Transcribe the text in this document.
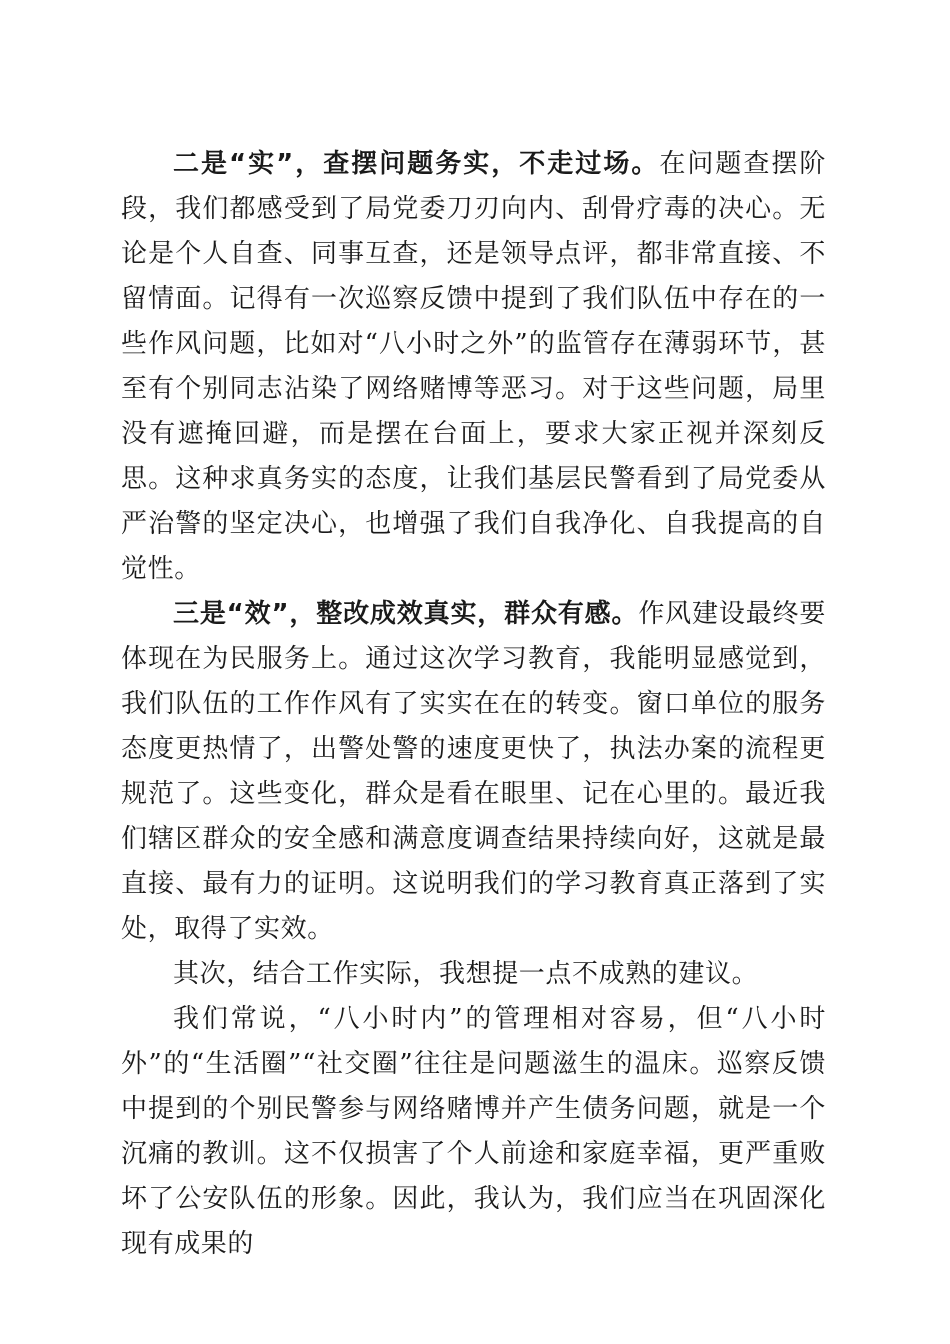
二是“实”，查摆问题务实，不走过场。在问题查摆阶段，我们都感受到了局党委刀刃向内、刮骨疗毒的决心。无论是个人自查、同事互查，还是领导点评，都非常直接、不留情面。记得有一次巡察反馈中提到了我们队伍中存在的一些作风问题，比如对“八小时之外”的监管存在薄弱环节，甚至有个别同志沾染了网络赌博等恶习。对于这些问题，局里没有遮掩回避，而是摆在台面上，要求大家正视并深刻反思。这种求真务实的态度，让我们基层民警看到了局党委从严治警的坚定决心，也增强了我们自我净化、自我提高的自觉性。

三是“效”，整改成效真实，群众有感。作风建设最终要体现在为民服务上。通过这次学习教育，我能明显感觉到，我们队伍的工作作风有了实实在在的转变。窗口单位的服务态度更热情了，出警处警的速度更快了，执法办案的流程更规范了。这些变化，群众是看在眼里、记在心里的。最近我们辖区群众的安全感和满意度调查结果持续向好，这就是最直接、最有力的证明。这说明我们的学习教育真正落到了实处，取得了实效。

其次，结合工作实际，我想提一点不成熟的建议。

我们常说，“八小时内”的管理相对容易，但“八小时外”的“生活圈”“社交圈”往往是问题滋生的温床。巡察反馈中提到的个别民警参与网络赌博并产生债务问题，就是一个沉痛的教训。这不仅损害了个人前途和家庭幸福，更严重败坏了公安队伍的形象。因此，我认为，我们应当在巩固深化现有成果的
